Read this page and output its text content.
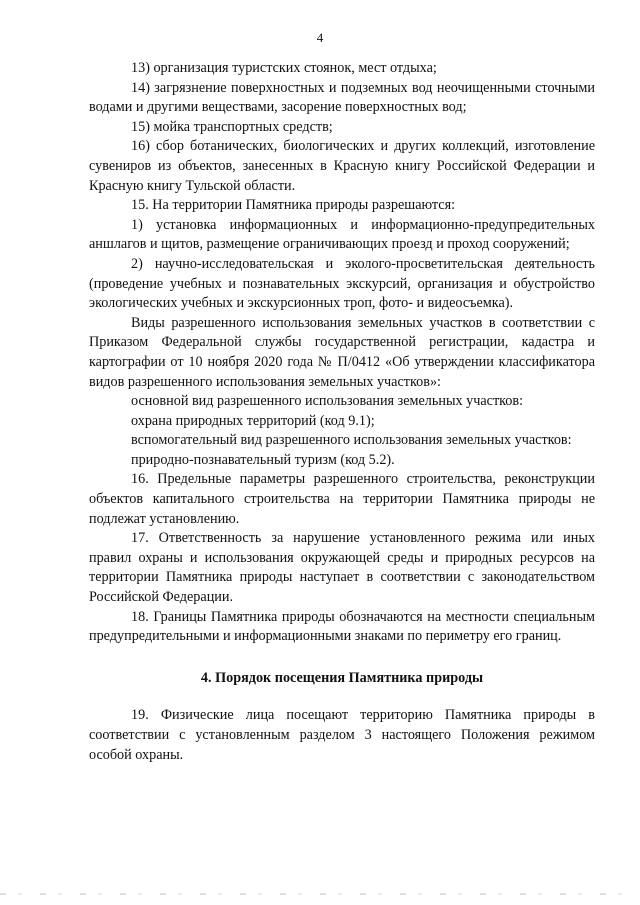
4

13) организация туристских стоянок, мест отдыха;

14) загрязнение поверхностных и подземных вод неочищенными сточными водами и другими веществами, засорение поверхностных вод;

15) мойка транспортных средств;

16) сбор ботанических, биологических и других коллекций, изготовление сувениров из объектов, занесенных в Красную книгу Российской Федерации и Красную книгу Тульской области.

15. На территории Памятника природы разрешаются:

1) установка информационных и информационно-предупредительных аншлагов и щитов, размещение ограничивающих проезд и проход сооружений;

2) научно-исследовательская и эколого-просветительская деятельность (проведение учебных и познавательных экскурсий, организация и обустройство экологических учебных и экскурсионных троп, фото- и видеосъемка).

Виды разрешенного использования земельных участков в соответствии с Приказом Федеральной службы государственной регистрации, кадастра и картографии от 10 ноября 2020 года № П/0412 «Об утверждении классификатора видов разрешенного использования земельных участков»:

основной вид разрешенного использования земельных участков:

охрана природных территорий (код 9.1);

вспомогательный вид разрешенного использования земельных участков:

природно-познавательный туризм (код 5.2).

16. Предельные параметры разрешенного строительства, реконструкции объектов капитального строительства на территории Памятника природы не подлежат установлению.

17. Ответственность за нарушение установленного режима или иных правил охраны и использования окружающей среды и природных ресурсов на территории Памятника природы наступает в соответствии с законодательством Российской Федерации.

18. Границы Памятника природы обозначаются на местности специальным предупредительными и информационными знаками по периметру его границ.

4. Порядок посещения Памятника природы

19. Физические лица посещают территорию Памятника природы в соответствии с установленным разделом 3 настоящего Положения режимом особой охраны.
